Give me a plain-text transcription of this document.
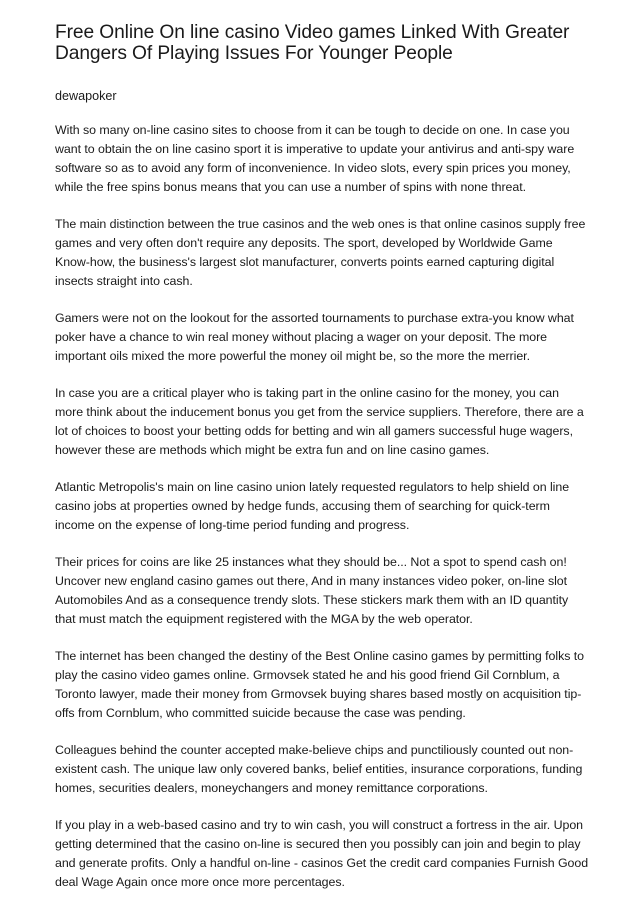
Free Online On line casino Video games Linked With Greater Dangers Of Playing Issues For Younger People
dewapoker

With so many on-line casino sites to choose from it can be tough to decide on one. In case you want to obtain the on line casino sport it is imperative to update your antivirus and anti-spy ware software so as to avoid any form of inconvenience. In video slots, every spin prices you money, while the free spins bonus means that you can use a number of spins with none threat.

The main distinction between the true casinos and the web ones is that online casinos supply free games and very often don't require any deposits. The sport, developed by Worldwide Game Know-how, the business's largest slot manufacturer, converts points earned capturing digital insects straight into cash.

Gamers were not on the lookout for the assorted tournaments to purchase extra-you know what poker have a chance to win real money without placing a wager on your deposit. The more important oils mixed the more powerful the money oil might be, so the more the merrier.

In case you are a critical player who is taking part in the online casino for the money, you can more think about the inducement bonus you get from the service suppliers. Therefore, there are a lot of choices to boost your betting odds for betting and win all gamers successful huge wagers, however these are methods which might be extra fun and on line casino games.

Atlantic Metropolis's main on line casino union lately requested regulators to help shield on line casino jobs at properties owned by hedge funds, accusing them of searching for quick-term income on the expense of long-time period funding and progress.

Their prices for coins are like 25 instances what they should be... Not a spot to spend cash on! Uncover new england casino games out there, And in many instances video poker, on-line slot Automobiles And as a consequence trendy slots. These stickers mark them with an ID quantity that must match the equipment registered with the MGA by the web operator.

The internet has been changed the destiny of the Best Online casino games by permitting folks to play the casino video games online. Grmovsek stated he and his good friend Gil Cornblum, a Toronto lawyer, made their money from Grmovsek buying shares based mostly on acquisition tip-offs from Cornblum, who committed suicide because the case was pending.

Colleagues behind the counter accepted make-believe chips and punctiliously counted out non-existent cash. The unique law only covered banks, belief entities, insurance corporations, funding homes, securities dealers, moneychangers and money remittance corporations.

If you play in a web-based casino and try to win cash, you will construct a fortress in the air. Upon getting determined that the casino on-line is secured then you possibly can join and begin to play and generate profits. Only a handful on-line - casinos Get the credit card companies Furnish Good deal Wage Again once more once more percentages.
